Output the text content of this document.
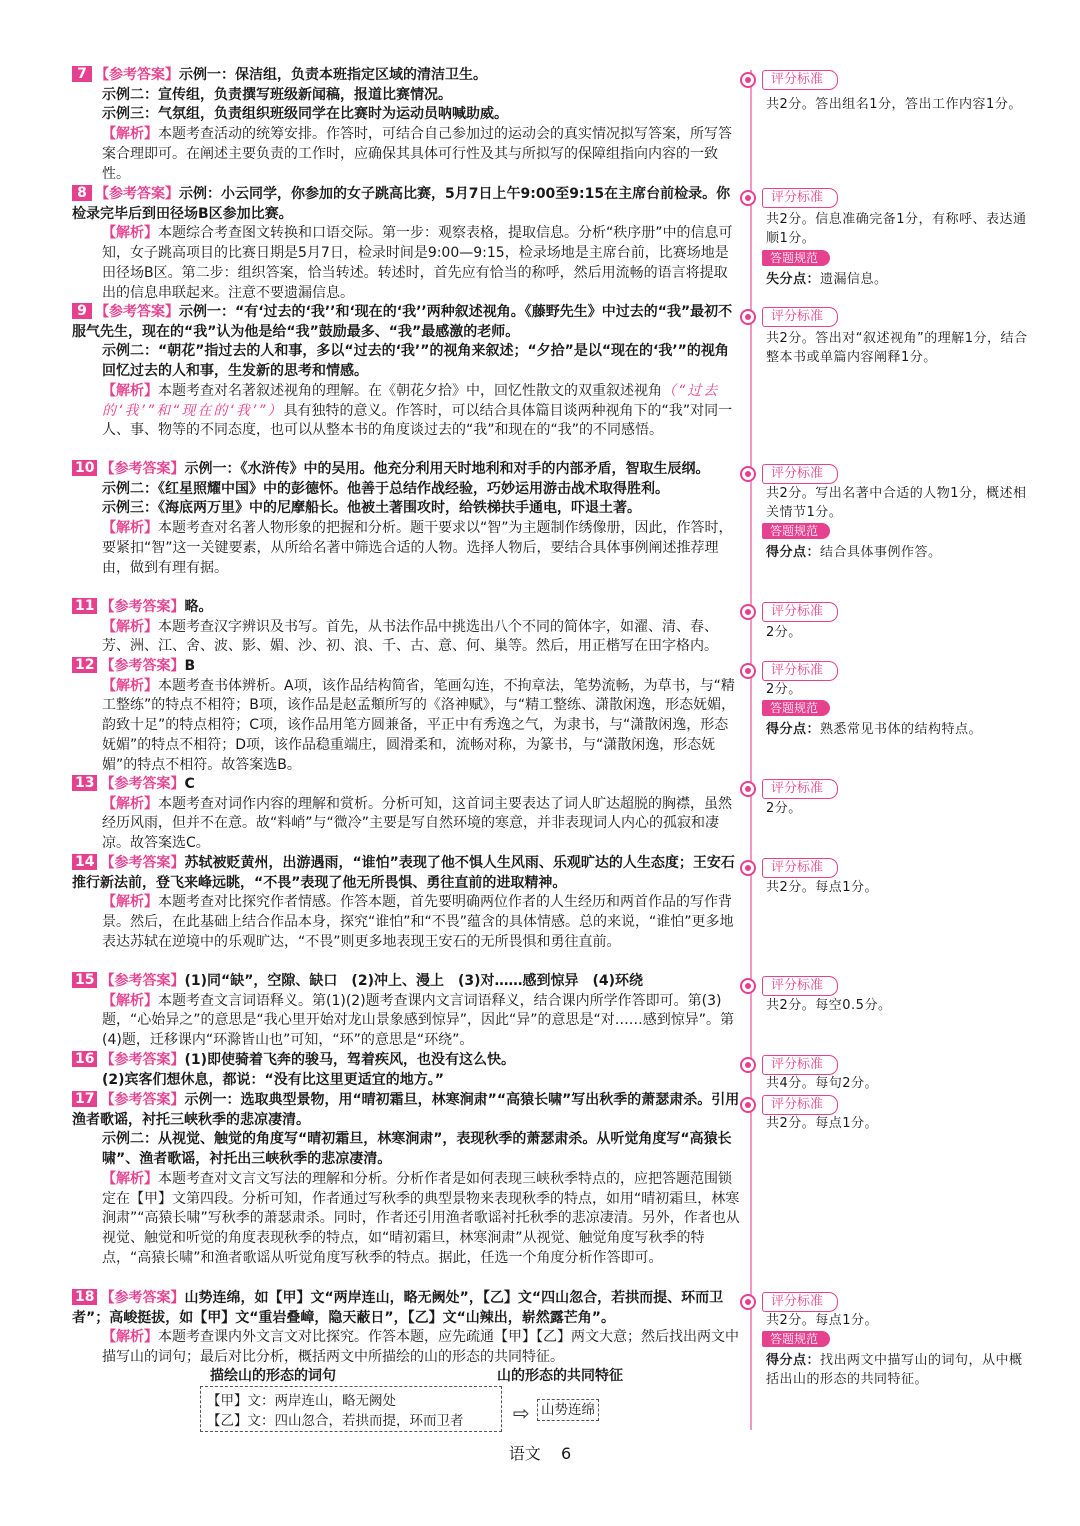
7 【参考答案】示例一：保洁组，负责本班指定区域的清洁卫生。

示例二：宣传组，负责撰写班级新闻稿，报道比赛情况。

示例三：气氛组，负责组织班级同学在比赛时为运动员呐喊助威。

【解析】本题考查活动的统筹安排。作答时，可结合自己参加过的运动会的真实情况拟写答案，所写答案合理即可。在阐述主要负责的工作时，应确保其具体可行性及其与所拟写的保障组指向内容的一致性。

8 【参考答案】示例：小云同学，你参加的女子跳高比赛，5月7日上午9:00至9:15在主席台前检录。你检录完毕后到田径场B区参加比赛。

【解析】本题综合考查图文转换和口语交际。第一步：观察表格，提取信息。分析“秩序册”中的信息可知，女子跳高项目的比赛日期是5月7日，检录时间是9:00—9:15，检录场地是主席台前，比赛场地是田径场B区。第二步：组织答案，恰当转述。转述时，首先应有恰当的称呼，然后用流畅的语言将提取出的信息串联起来。注意不要遗漏信息。

9 【参考答案】示例一：“有‘过去的‘我’’和‘现在的‘我’’两种叙述视角。《藤野先生》中过去的“我”最初不服气先生，现在的“我”认为他是给“我”鼓励最多、“我”最感激的老师。

示例二：“朝花”指过去的人和事，多以“过去的‘我’”的视角来叙述；“夕拾”是以“现在的‘我’”的视角回忆过去的人和事，生发新的思考和情感。

【解析】本题考查对名著叙述视角的理解。在《朝花夕拾》中，回忆性散文的双重叙述视角（“过去的‘我’”和“现在的‘我’”）具有独特的意义。作答时，可以结合具体篇目谈两种视角下的“我”对同一人、事、物等的不同态度，也可以从整本书的角度谈过去的“我”和现在的“我”的不同感悟。

10 【参考答案】示例一：《水浒传》中的吴用。他充分利用天时地利和对手的内部矛盾，智取生辰纲。

示例二：《红星照耀中国》中的彭德怀。他善于总结作战经验，巧妙运用游击战术取得胜利。

示例三：《海底两万里》中的尼摩船长。他被土著围攻时，给铁梯扶手通电，吓退土著。

【解析】本题考查对名著人物形象的把握和分析。题干要求以“智”为主题制作绣像册，因此，作答时，要紧扣“智”这一关键要素，从所给名著中筛选合适的人物。选择人物后，要结合具体事例阐述推荐理由，做到有理有据。

11 【参考答案】略。

【解析】本题考查汉字辨识及书写。首先，从书法作品中挑选出八个不同的简体字，如濯、清、春、芳、洲、江、舍、波、影、媚、沙、初、浪、千、古、意、何、巢等。然后，用正楷写在田字格内。

12 【参考答案】B

【解析】本题考查书体辨析。A项，该作品结构简省，笔画勾连，不拘章法，笔势流畅，为草书，与“精工整练”的特点不相符；B项，该作品是赵孟頫所写的《洛神赋》，与“精工整练、潇散闲逸，形态妩媚，韵致十足”的特点相符；C项，该作品用笔方圆兼备，平正中有秀逸之气，为隶书，与“潇散闲逸，形态妩媚”的特点不相符；D项，该作品稳重端庄，圆滑柔和，流畅对称，为篆书，与“潇散闲逸，形态妩媚”的特点不相符。故答案选B。

13 【参考答案】C

【解析】本题考查对词作内容的理解和赏析。分析可知，这首词主要表达了词人旷达超脱的胸襟，虽然经历风雨，但并不在意。故“料峭”与“微冷”主要是写自然环境的寒意，并非表现词人内心的孤寂和凄凉。故答案选C。

14 【参考答案】苏轼被贬黄州，出游遇雨，“谁怕”表现了他不惧人生风雨、乐观旷达的人生态度；王安石推行新法前，登飞来峰远眺，“不畏”表现了他无所畏惧、勇往直前的进取精神。

【解析】本题考查对比探究作者情感。作答本题，首先要明确两位作者的人生经历和两首作品的写作背景。然后，在此基础上结合作品本身，探究“谁怕”和“不畏”蕴含的具体情感。总的来说，“谁怕”更多地表达苏轼在逆境中的乐观旷达，“不畏”则更多地表现王安石的无所畏惧和勇往直前。

15 【参考答案】(1)同“缺”，空隙、缺口　(2)冲上、漫上　(3)对……感到惊异　(4)环绕

【解析】本题考查文言词语释义。第(1)(2)题考查课内文言词语释义，结合课内所学作答即可。第(3)题，“心始异之”的意思是“我心里开始对龙山景象感到惊异”，因此“异”的意思是“对……感到惊异”。第(4)题，迁移课内“环滁皆山也”可知，“环”的意思是“环绕”。

16 【参考答案】(1)即使骑着飞奔的骏马，驾着疾风，也没有这么快。

(2)宾客们想休息，都说：“没有比这里更适宜的地方。”

17 【参考答案】示例一：选取典型景物，用“晴初霜旦，林寒涧肃”“高猿长啸”写出秋季的萧瑟肃杀。引用渔者歌谣，衬托三峡秋季的悲凉凄清。

示例二：从视觉、触觉的角度写“晴初霜旦，林寒涧肃”，表现秋季的萧瑟肃杀。从听觉角度写“高猿长啸”、渔者歌谣，衬托出三峡秋季的悲凉凄清。

【解析】本题考查对文言文写法的理解和分析。分析作者是如何表现三峡秋季特点的，应把答题范围锁定在【甲】文第四段。分析可知，作者通过写秋季的典型景物来表现秋季的特点，如用“晴初霜旦，林寒涧肃”“高猿长啸”写秋季的萧瑟肃杀。同时，作者还引用渔者歌谣衬托秋季的悲凉凄清。另外，作者也从视觉、触觉和听觉的角度表现秋季的特点，如“晴初霜旦，林寒涧肃”从视觉、触觉角度写秋季的特点，“高猿长啸”和渔者歌谣从听觉角度写秋季的特点。据此，任选一个角度分析作答即可。

18 【参考答案】山势连绵，如【甲】文“两岸连山，略无阙处”，【乙】文“四山忽合，若拱而提、环而卫者”；高峻挺拔，如【甲】文“重岩叠嶂，隐天蔽日”，【乙】文“山辣出，崭然露芒角”。

【解析】本题考查课内外文言文对比探究。作答本题，应先疏通【甲】【乙】两文大意；然后找出两文中描写山的词句；最后对比分析，概括两文中所描绘的山的形态的共同特征。

描绘山的形态的词句	山的形态的共同特征
【甲】文：两岸连山，略无阙处
【乙】文：四山忽合，若拱而提，环而卫者 ⇨ 山势连绵
评分标准
共2分。答出组名1分，答出工作内容1分。
评分标准
共2分。信息准确完备1分，有称呼、表达通顺1分。
答题规范
失分点：遗漏信息。
评分标准
共2分。答出对“叙述视角”的理解1分，结合整本书或单篇内容阐释1分。
评分标准
共2分。写出名著中合适的人物1分，概述相关情节1分。
答题规范
得分点：结合具体事例作答。
评分标准
2分。
评分标准
2分。
答题规范
得分点：熟悉常见书体的结构特点。
评分标准
2分。
评分标准
共2分。每点1分。
评分标准
共2分。每空0.5分。
评分标准
共4分。每句2分。
评分标准
共2分。每点1分。
评分标准
共2分。每点1分。
答题规范
得分点：找出两文中描写山的词句，从中概括出山的形态的共同特征。
语文 6
